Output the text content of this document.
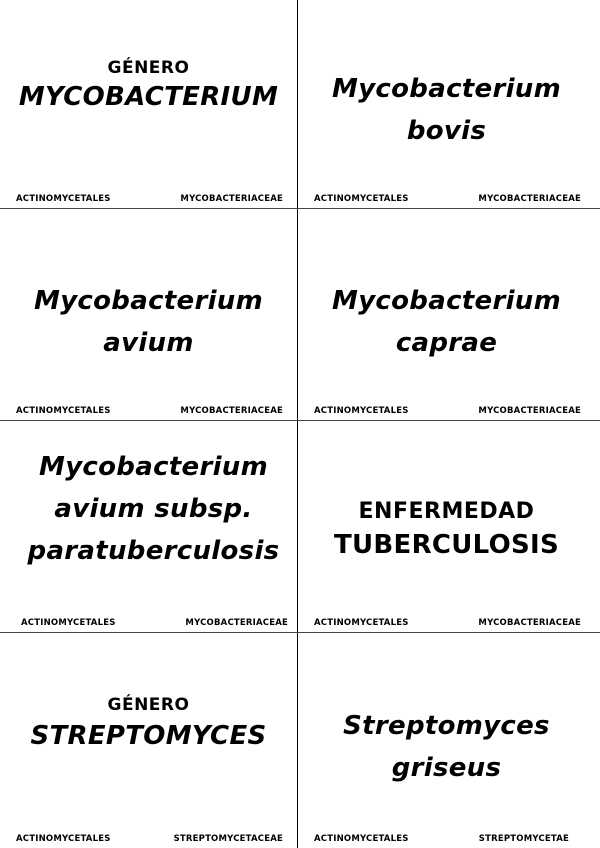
GÉNERO
MYCOBACTERIUM
ACTINOMYCETALES	MYCOBACTERIACEAE
Mycobacterium
bovis
ACTINOMYCETALES	MYCOBACTERIACEAE
Mycobacterium
avium
ACTINOMYCETALES	MYCOBACTERIACEAE
Mycobacterium
caprae
ACTINOMYCETALES	MYCOBACTERIACEAE
Mycobacterium
avium subsp.
paratuberculosis
ACTINOMYCETALES	MYCOBACTERIACEAE
ENFERMEDAD
TUBERCULOSIS
ACTINOMYCETALES	MYCOBACTERIACEAE
GÉNERO
STREPTOMYCES
ACTINOMYCETALES	STREPTOMYCETACEAE
Streptomyces
griseus
ACTINOMYCETALES	STREPTOMYCETAE
